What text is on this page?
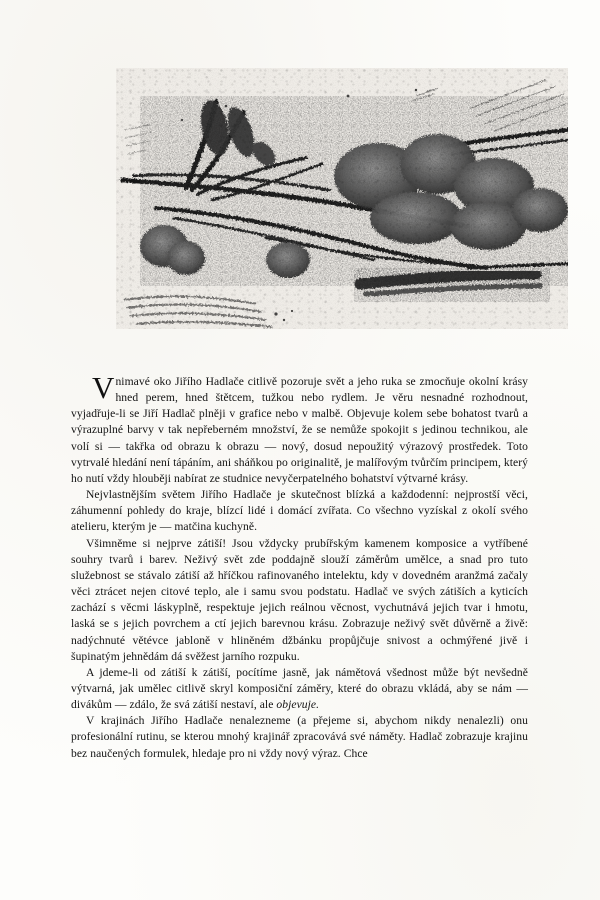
Vnimavé oko Jiřího Hadlače citlivě pozoruje svět a jeho ruka se zmocňuje okolní krásy hned perem, hned štětcem, tužkou nebo rydlem. Je věru nesnadné rozhodnout, vyjadřuje-li se Jiří Hadlač plněji v grafice nebo v malbě. Objevuje kolem sebe bohatost tvarů a výrazuplné barvy v tak nepřeberném množství, že se nemůže spokojit s jedinou technikou, ale volí si — takřka od obrazu k obrazu — nový, dosud nepoužitý výrazový prostředek. Toto vytrvalé hledání není tápáním, ani sháňkou po originalitě, je malířovým tvůrčím principem, který ho nutí vždy hlouběji nabírat ze studnice nevyčerpatelného bohatství výtvarné krásy.

Nejvlastnějším světem Jiřího Hadlače je skutečnost blízká a každodenní: nejprostší věci, záhumenní pohledy do kraje, blízcí lidé i domácí zvířata. Co všechno vyzískal z okolí svého atelieru, kterým je — matčina kuchyně.

Všimněme si nejprve zátiší! Jsou vždycky prubířským kamenem komposice a vytříbené souhry tvarů i barev. Neživý svět zde poddajně slouží záměrům umělce, a snad pro tuto služebnost se stávalo zátiší až hříčkou rafinovaného intelektu, kdy v dovedném aranžmá začaly věci ztrácet nejen citové teplo, ale i samu svou podstatu. Hadlač ve svých zátiších a kyticích zachází s věcmi láskyplně, respektuje jejich reálnou věcnost, vychutnává jejich tvar i hmotu, laská se s jejich povrchem a ctí jejich barevnou krásu. Zobrazuje neživý svět důvěrně a živě: nadýchnuté větévce jabloně v hliněném džbánku propůjčuje snivost a ochmýřené jivě i šupinatým jehnědám dá svěžest jarního rozpuku.

A jdeme-li od zátiší k zátiší, pocítíme jasně, jak námětová všednost může být nevšedně výtvarná, jak umělec citlivě skryl komposiční záměry, které do obrazu vkládá, aby se nám — divákům — zdálo, že svá zátiší nestaví, ale objevuje.

V krajinách Jiřího Hadlače nenalezneme (a přejeme si, abychom nikdy nenalezli) onu profesionální rutinu, se kterou mnohý krajinář zpracovává své náměty. Hadlač zobrazuje krajinu bez naučených formulek, hledaje pro ni vždy nový výraz. Chce
